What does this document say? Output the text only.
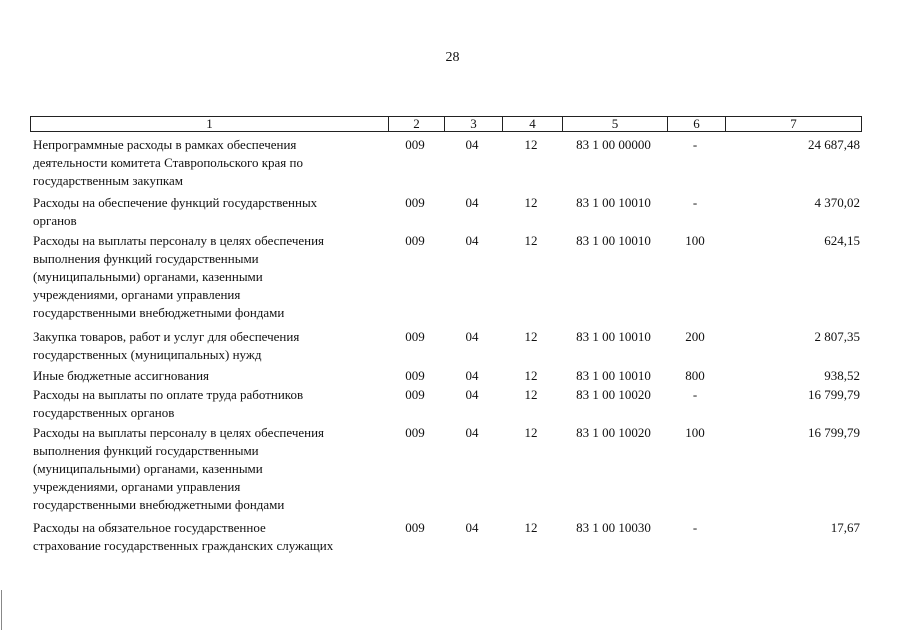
28
1	2	3	4	5	6	7
Непрограммные расходы в рамках обеспечения
деятельности комитета Ставропольского края по
государственным закупкам
009	04	12	83 1 00 00000	-	24 687,48
Расходы на обеспечение функций государственных
органов
009	04	12	83 1 00 10010	-	4 370,02
Расходы на выплаты персоналу в целях обеспечения
выполнения функций государственными
(муниципальными) органами, казенными
учреждениями, органами управления
государственными внебюджетными фондами
009	04	12	83 1 00 10010	100	624,15
Закупка товаров, работ и услуг для обеспечения
государственных (муниципальных) нужд
009	04	12	83 1 00 10010	200	2 807,35
Иные бюджетные ассигнования	009	04	12	83 1 00 10010	800	938,52
Расходы на выплаты по оплате труда работников
государственных органов
009	04	12	83 1 00 10020	-	16 799,79
Расходы на выплаты персоналу в целях обеспечения
выполнения функций государственными
(муниципальными) органами, казенными
учреждениями, органами управления
государственными внебюджетными фондами
009	04	12	83 1 00 10020	100	16 799,79
Расходы на обязательное государственное
страхование государственных гражданских служащих
009	04	12	83 1 00 10030	-	17,67
